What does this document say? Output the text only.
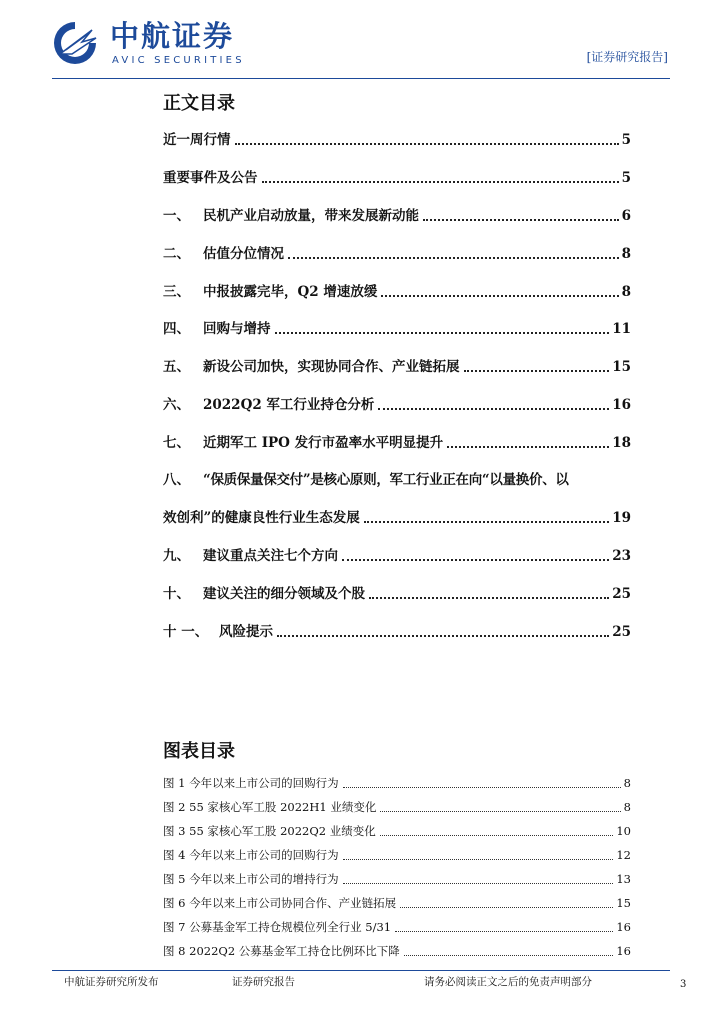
中航证券
AVIC SECURITIES	[证券研究报告]
正文目录
近一周行情	5
重要事件及公告	5
一、 民机产业启动放量，带来发展新动能	6
二、 估值分位情况	8
三、 中报披露完毕，Q2 增速放缓	8
四、 回购与增持	11
五、 新设公司加快，实现协同合作、产业链拓展	15
六、 2022Q2 军工行业持仓分析	16
七、 近期军工 IPO 发行市盈率水平明显提升	18
八、 “保质保量保交付”是核心原则，军工行业正在向“以量换价、以
效创利”的健康良性行业生态发展	19
九、 建议重点关注七个方向	23
十、 建议关注的细分领域及个股	25
十 一、 风险提示	25
图表目录
图 1 今年以来上市公司的回购行为	8
图 2 55 家核心军工股 2022H1 业绩变化	8
图 3 55 家核心军工股 2022Q2 业绩变化	10
图 4 今年以来上市公司的回购行为	12
图 5 今年以来上市公司的增持行为	13
图 6 今年以来上市公司协同合作、产业链拓展	15
图 7 公募基金军工持仓规模位列全行业 5/31	16
图 8 2022Q2 公募基金军工持仓比例环比下降	16
中航证券研究所发布	证券研究报告	请务必阅读正文之后的免责声明部分	3
